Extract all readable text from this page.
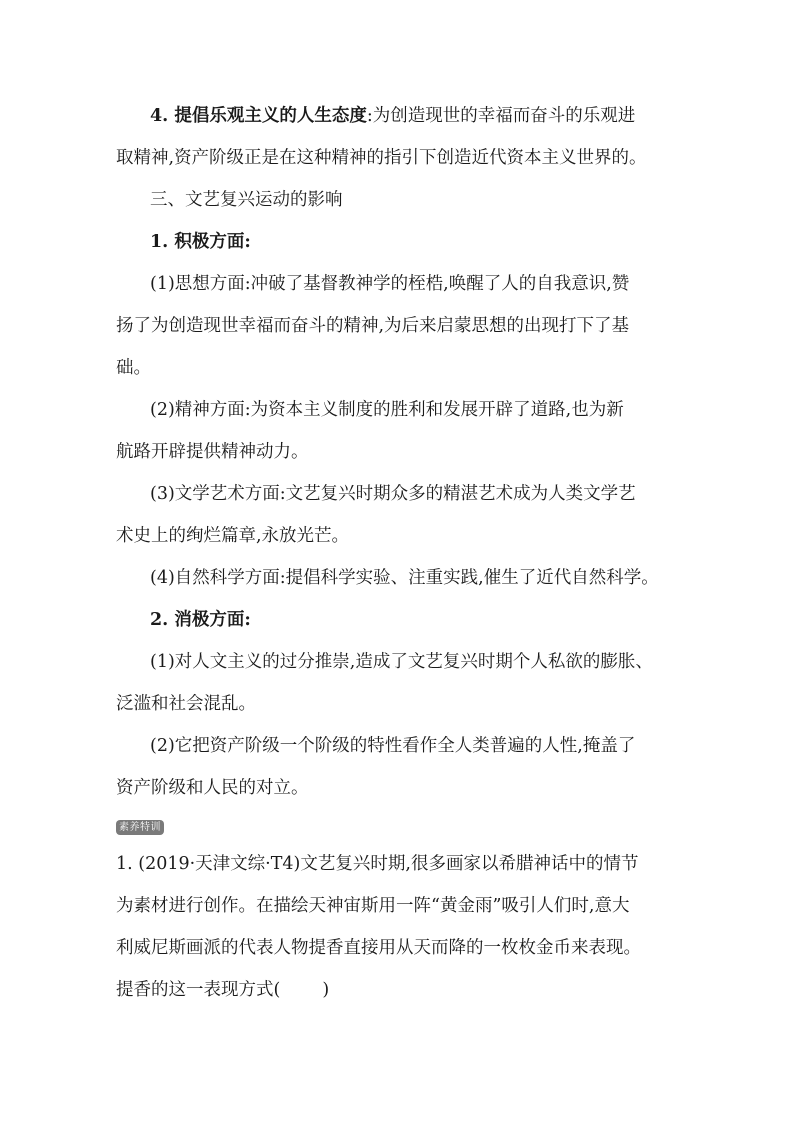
4. 提倡乐观主义的人生态度:为创造现世的幸福而奋斗的乐观进
取精神,资产阶级正是在这种精神的指引下创造近代资本主义世界的。
三、文艺复兴运动的影响
1. 积极方面:
(1)思想方面:冲破了基督教神学的桎梏,唤醒了人的自我意识,赞
扬了为创造现世幸福而奋斗的精神,为后来启蒙思想的出现打下了基
础。
(2)精神方面:为资本主义制度的胜利和发展开辟了道路,也为新
航路开辟提供精神动力。
(3)文学艺术方面:文艺复兴时期众多的精湛艺术成为人类文学艺
术史上的绚烂篇章,永放光芒。
(4)自然科学方面:提倡科学实验、注重实践,催生了近代自然科学。
2. 消极方面:
(1)对人文主义的过分推崇,造成了文艺复兴时期个人私欲的膨胀、
泛滥和社会混乱。
(2)它把资产阶级一个阶级的特性看作全人类普遍的人性,掩盖了
资产阶级和人民的对立。
素养特训
1. (2019·天津文综·T4)文艺复兴时期,很多画家以希腊神话中的情节
为素材进行创作。在描绘天神宙斯用一阵“黄金雨”吸引人们时,意大
利威尼斯画派的代表人物提香直接用从天而降的一枚枚金币来表现。
提香的这一表现方式( )
